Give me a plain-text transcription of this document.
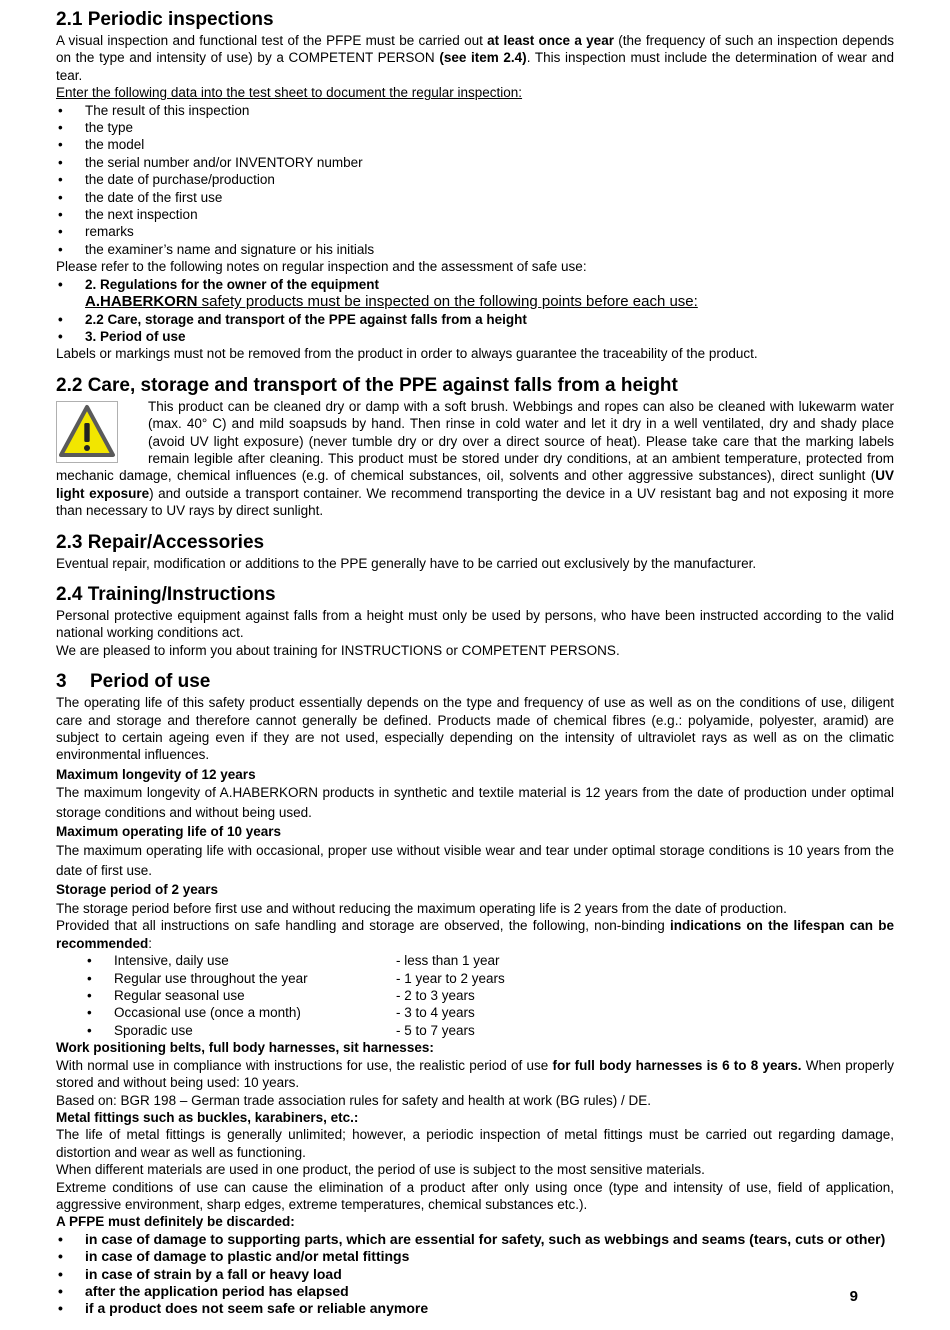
2.1 Periodic inspections

A visual inspection and functional test of the PFPE must be carried out at least once a year (the frequency of such an inspection depends on the type and intensity of use) by a COMPETENT PERSON (see item 2.4). This inspection must include the determination of wear and tear.

Enter the following data into the test sheet to document the regular inspection:

• The result of this inspection
• the type
• the model
• the serial number and/or INVENTORY number
• the date of purchase/production
• the date of the first use
• the next inspection
• remarks
• the examiner’s name and signature or his initials

Please refer to the following notes on regular inspection and the assessment of safe use:

• 2. Regulations for the owner of the equipment
A.HABERKORN safety products must be inspected on the following points before each use:
• 2.2 Care, storage and transport of the PPE against falls from a height
• 3. Period of use

Labels or markings must not be removed from the product in order to always guarantee the traceability of the product.

2.2 Care, storage and transport of the PPE against falls from a height

This product can be cleaned dry or damp with a soft brush. Webbings and ropes can also be cleaned with lukewarm water (max. 40° C) and mild soapsuds by hand. Then rinse in cold water and let it dry in a well ventilated, dry and shady place (avoid UV light exposure) (never tumble dry or dry over a direct source of heat). Please take care that the marking labels remain legible after cleaning. This product must be stored under dry conditions, at an ambient temperature, protected from mechanic damage, chemical influences (e.g. of chemical substances, oil, solvents and other aggressive substances), direct sunlight (UV light exposure) and outside a transport container. We recommend transporting the device in a UV resistant bag and not exposing it more than necessary to UV rays by direct sunlight.

2.3 Repair/Accessories

Eventual repair, modification or additions to the PPE generally have to be carried out exclusively by the manufacturer.

2.4 Training/Instructions

Personal protective equipment against falls from a height must only be used by persons, who have been instructed according to the valid national working conditions act.

We are pleased to inform you about training for INSTRUCTIONS or COMPETENT PERSONS.

3 Period of use

The operating life of this safety product essentially depends on the type and frequency of use as well as on the conditions of use, diligent care and storage and therefore cannot generally be defined. Products made of chemical fibres (e.g.: polyamide, polyester, aramid) are subject to certain ageing even if they are not used, especially depending on the intensity of ultraviolet rays as well as on the climatic environmental influences.

Maximum longevity of 12 years

The maximum longevity of A.HABERKORN products in synthetic and textile material is 12 years from the date of production under optimal storage conditions and without being used.

Maximum operating life of 10 years

The maximum operating life with occasional, proper use without visible wear and tear under optimal storage conditions is 10 years from the date of first use.

Storage period of 2 years

The storage period before first use and without reducing the maximum operating life is 2 years from the date of production.

Provided that all instructions on safe handling and storage are observed, the following, non-binding indications on the lifespan can be recommended:

• Intensive, daily use	- less than 1 year
• Regular use throughout the year	- 1 year to 2 years
• Regular seasonal use	- 2 to 3 years
• Occasional use (once a month)	- 3 to 4 years
• Sporadic use	- 5 to 7 years

Work positioning belts, full body harnesses, sit harnesses:

With normal use in compliance with instructions for use, the realistic period of use for full body harnesses is 6 to 8 years. When properly stored and without being used: 10 years.

Based on: BGR 198 – German trade association rules for safety and health at work (BG rules) / DE.

Metal fittings such as buckles, karabiners, etc.:

The life of metal fittings is generally unlimited; however, a periodic inspection of metal fittings must be carried out regarding damage, distortion and wear as well as functioning.

When different materials are used in one product, the period of use is subject to the most sensitive materials.

Extreme conditions of use can cause the elimination of a product after only using once (type and intensity of use, field of application, aggressive environment, sharp edges, extreme temperatures, chemical substances etc.).

A PFPE must definitely be discarded:

• in case of damage to supporting parts, which are essential for safety, such as webbings and seams (tears, cuts or other)
• in case of damage to plastic and/or metal fittings
• in case of strain by a fall or heavy load
• after the application period has elapsed
• if a product does not seem safe or reliable anymore
9
